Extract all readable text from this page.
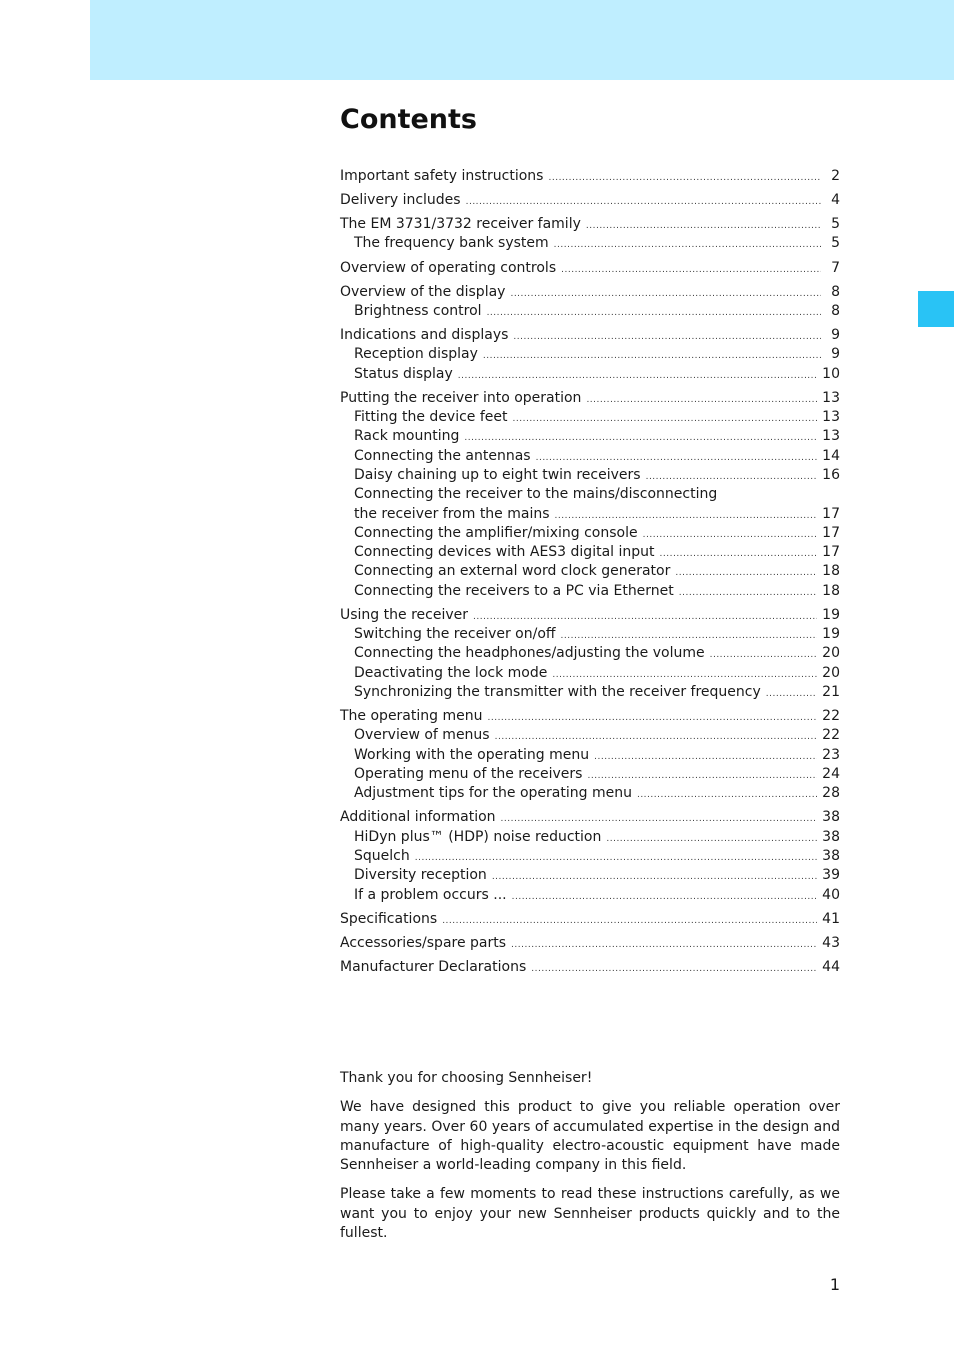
Contents
Important safety instructions .....	2
Delivery includes .....	4
The EM 3731/3732 receiver family .....	5
The frequency bank system .....	5
Overview of operating controls .....	7
Overview of the display .....	8
Brightness control .....	8
Indications and displays .....	9
Reception display .....	9
Status display .....	10
Putting the receiver into operation .....	13
Fitting the device feet .....	13
Rack mounting .....	13
Connecting the antennas .....	14
Daisy chaining up to eight twin receivers .....	16
Connecting the receiver to the mains/disconnecting
the receiver from the mains .....	17
Connecting the amplifier/mixing console .....	17
Connecting devices with AES3 digital input .....	17
Connecting an external word clock generator .....	18
Connecting the receivers to a PC via Ethernet .....	18
Using the receiver .....	19
Switching the receiver on/off .....	19
Connecting the headphones/adjusting the volume .....	20
Deactivating the lock mode .....	20
Synchronizing the transmitter with the receiver frequency .....	21
The operating menu .....	22
Overview of menus .....	22
Working with the operating menu .....	23
Operating menu of the receivers .....	24
Adjustment tips for the operating menu .....	28
Additional information .....	38
HiDyn plus™ (HDP) noise reduction .....	38
Squelch .....	38
Diversity reception .....	39
If a problem occurs ... .....	40
Specifications .....	41
Accessories/spare parts .....	43
Manufacturer Declarations .....	44

Thank you for choosing Sennheiser!

We have designed this product to give you reliable operation over many years. Over 60 years of accumulated expertise in the design and manufacture of high-quality electro-acoustic equipment have made Sennheiser a world-leading company in this field.

Please take a few moments to read these instructions carefully, as we want you to enjoy your new Sennheiser products quickly and to the fullest.

1
